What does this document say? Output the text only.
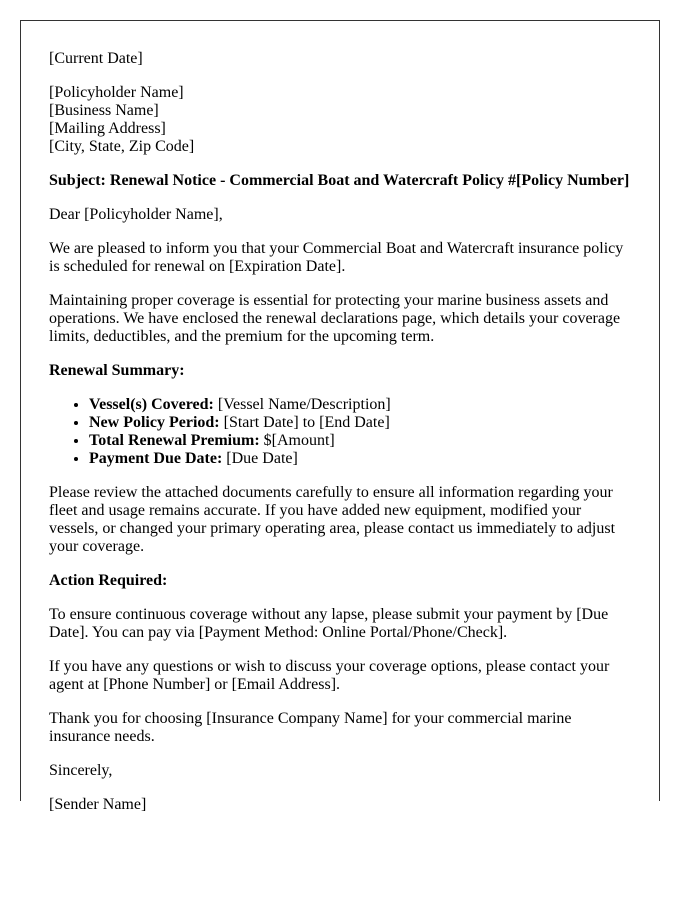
[Current Date]

[Policyholder Name]

[Business Name]

[Mailing Address]

[City, State, Zip Code]

Subject: Renewal Notice - Commercial Boat and Watercraft Policy #[Policy Number]

Dear [Policyholder Name],

We are pleased to inform you that your Commercial Boat and Watercraft insurance policy is scheduled for renewal on [Expiration Date].

Maintaining proper coverage is essential for protecting your marine business assets and operations. We have enclosed the renewal declarations page, which details your coverage limits, deductibles, and the premium for the upcoming term.

Renewal Summary:

• Vessel(s) Covered: [Vessel Name/Description]
• New Policy Period: [Start Date] to [End Date]
• Total Renewal Premium: $[Amount]
• Payment Due Date: [Due Date]

Please review the attached documents carefully to ensure all information regarding your fleet and usage remains accurate. If you have added new equipment, modified your vessels, or changed your primary operating area, please contact us immediately to adjust your coverage.

Action Required:

To ensure continuous coverage without any lapse, please submit your payment by [Due Date]. You can pay via [Payment Method: Online Portal/Phone/Check].

If you have any questions or wish to discuss your coverage options, please contact your agent at [Phone Number] or [Email Address].

Thank you for choosing [Insurance Company Name] for your commercial marine insurance needs.

Sincerely,

[Sender Name]
